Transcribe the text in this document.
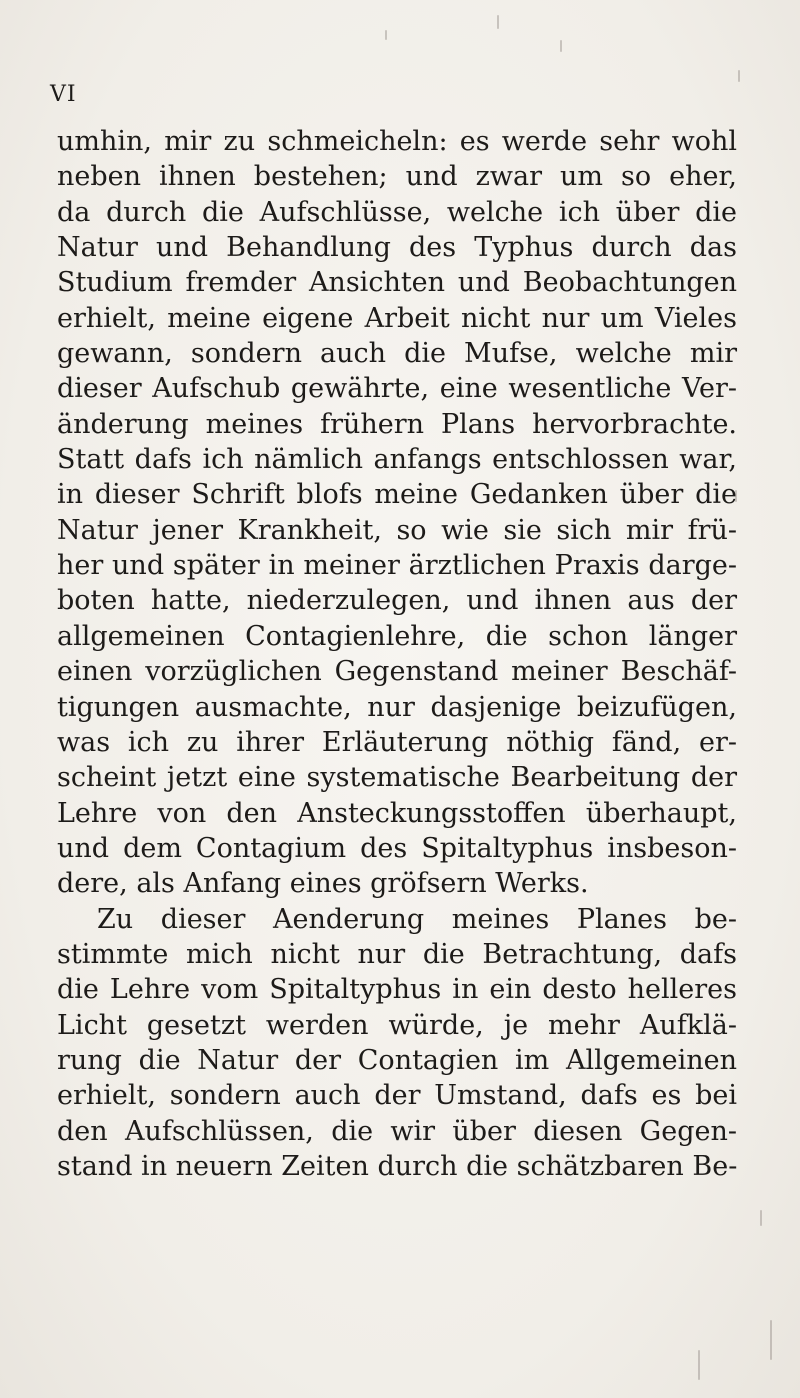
VI
umhin, mir zu schmeicheln: es werde sehr wohl
neben ihnen bestehen; und zwar um so eher,
da durch die Aufschlüsse, welche ich über die
Natur und Behandlung des Typhus durch das
Studium fremder Ansichten und Beobachtungen
erhielt, meine eigene Arbeit nicht nur um Vieles
gewann, sondern auch die Mufse, welche mir
dieser Aufschub gewährte, eine wesentliche Ver-
änderung meines frühern Plans hervorbrachte.
Statt dafs ich nämlich anfangs entschlossen war,
in dieser Schrift blofs meine Gedanken über die
Natur jener Krankheit, so wie sie sich mir frü-
her und später in meiner ärztlichen Praxis darge-
boten hatte, niederzulegen, und ihnen aus der
allgemeinen Contagienlehre, die schon länger
einen vorzüglichen Gegenstand meiner Beschäf-
tigungen ausmachte, nur dasjenige beizufügen,
was ich zu ihrer Erläuterung nöthig fänd, er-
scheint jetzt eine systematische Bearbeitung der
Lehre von den Ansteckungsstoffen überhaupt,
und dem Contagium des Spitaltyphus insbeson-
dere, als Anfang eines gröfsern Werks.
Zu dieser Aenderung meines Planes be-
stimmte mich nicht nur die Betrachtung, dafs
die Lehre vom Spitaltyphus in ein desto helleres
Licht gesetzt werden würde, je mehr Aufklä-
rung die Natur der Contagien im Allgemeinen
erhielt, sondern auch der Umstand, dafs es bei
den Aufschlüssen, die wir über diesen Gegen-
stand in neuern Zeiten durch die schätzbaren Be-
